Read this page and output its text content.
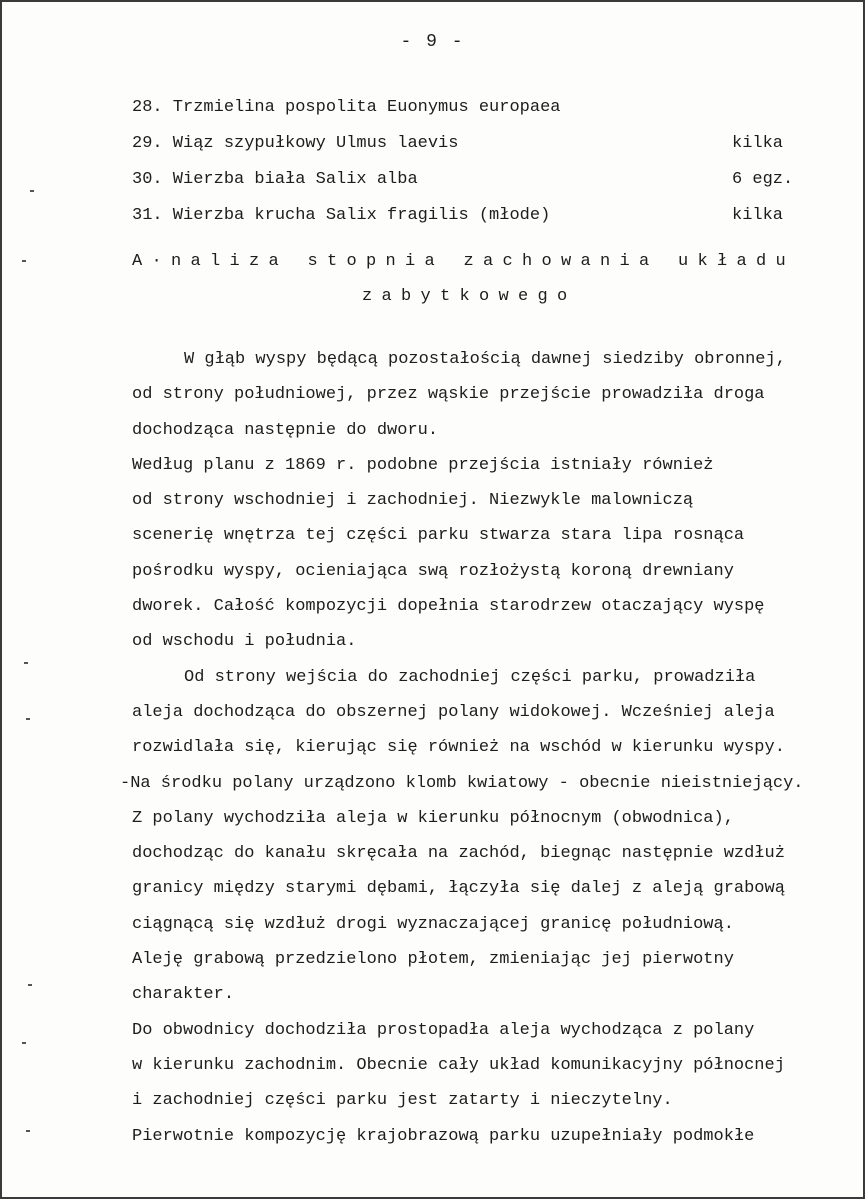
- 9 -
28. Trzmielina pospolita Euonymus europaea
29. Wiąz szypułkowy Ulmus laevis	kilka
30. Wierzba biała Salix alba	6 egz.
31. Wierzba krucha Salix fragilis (młode)	kilka
A·naliza stopnia zachowania układu
zabytkowego
W głąb wyspy będącą pozostałością dawnej siedziby obronnej,
od strony południowej, przez wąskie przejście prowadziła droga
dochodząca następnie do dworu.
Według planu z 1869 r. podobne przejścia istniały również
od strony wschodniej i zachodniej. Niezwykle malowniczą
scenerię wnętrza tej części parku stwarza stara lipa rosnąca
pośrodku wyspy, ocieniająca swą rozłożystą koroną drewniany
dworek. Całość kompozycji dopełnia starodrzew otaczający wyspę
od wschodu i południa.
Od strony wejścia do zachodniej części parku, prowadziła
aleja dochodząca do obszernej polany widokowej. Wcześniej aleja
rozwidlała się, kierując się również na wschód w kierunku wyspy.
-Na środku polany urządzono klomb kwiatowy - obecnie nieistniejący.
Z polany wychodziła aleja w kierunku północnym (obwodnica),
dochodząc do kanału skręcała na zachód, biegnąc następnie wzdłuż
granicy między starymi dębami, łączyła się dalej z aleją grabową
ciągnącą się wzdłuż drogi wyznaczającej granicę południową.
Aleję grabową przedzielono płotem, zmieniając jej pierwotny
charakter.
Do obwodnicy dochodziła prostopadła aleja wychodząca z polany
w kierunku zachodnim. Obecnie cały układ komunikacyjny północnej
i zachodniej części parku jest zatarty i nieczytelny.
Pierwotnie kompozycję krajobrazową parku uzupełniały podmokłe
